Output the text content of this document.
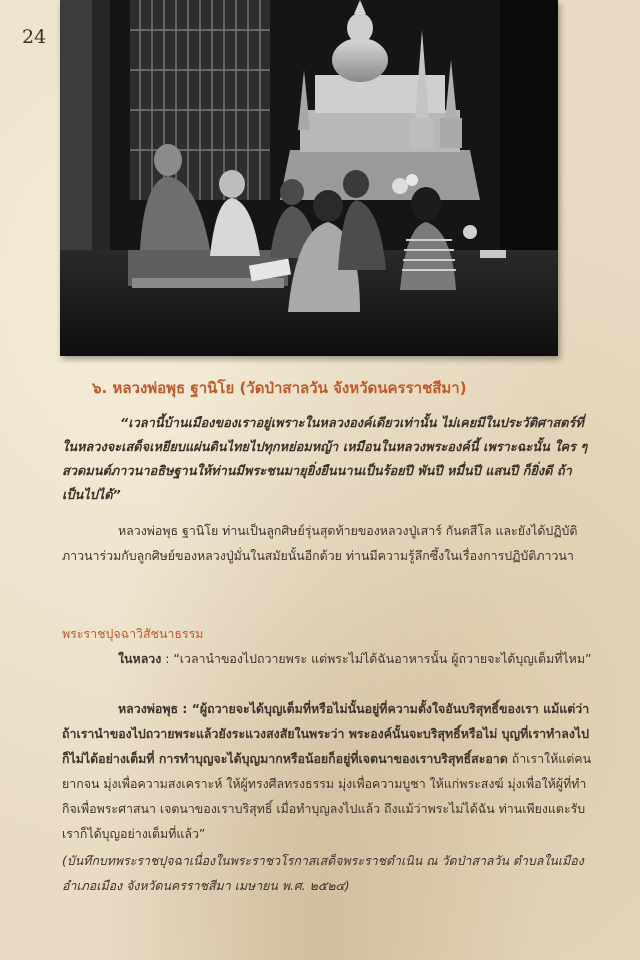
24
๖. หลวงพ่อพุธ ฐานิโย (วัดป่าสาลวัน จังหวัดนครราชสีมา)
“เวลานี้บ้านเมืองของเราอยู่เพราะในหลวงองค์เดียวเท่านั้น ไม่เคยมีในประวัติศาสตร์ที่ในหลวงจะเสด็จเหยียบแผ่นดินไทยไปทุกหย่อมหญ้า เหมือนในหลวงพระองค์นี้ เพราะฉะนั้น ใคร ๆ สวดมนต์ภาวนาอธิษฐานให้ท่านมีพระชนมายุยิ่งยืนนานเป็นร้อยปี พันปี หมื่นปี แสนปี ก็ยิ่งดี ถ้าเป็นไปได้”
หลวงพ่อพุธ ฐานิโย ท่านเป็นลูกศิษย์รุ่นสุดท้ายของหลวงปู่เสาร์ กันตสีโล และยังได้ปฏิบัติภาวนาร่วมกับลูกศิษย์ของหลวงปู่มั่นในสมัยนั้นอีกด้วย ท่านมีความรู้ลึกซึ้งในเรื่องการปฏิบัติภาวนา
พระราชปุจฉาวิสัชนาธรรม
ในหลวง : “เวลานำของไปถวายพระ แต่พระไม่ได้ฉันอาหารนั้น ผู้ถวายจะได้บุญเต็มที่ไหม”
หลวงพ่อพุธ : “ผู้ถวายจะได้บุญเต็มที่หรือไม่นั้นอยู่ที่ความตั้งใจอันบริสุทธิ์ของเรา แม้แต่ว่าถ้าเรานำของไปถวายพระแล้วยังระแวงสงสัยในพระว่า พระองค์นั้นจะบริสุทธิ์หรือไม่ บุญที่เราทำลงไปก็ไม่ได้อย่างเต็มที่ การทำบุญจะได้บุญมากหรือน้อยก็อยู่ที่เจตนาของเราบริสุทธิ์สะอาด ถ้าเราให้แต่คนยากจน มุ่งเพื่อความสงเคราะห์ ให้ผู้ทรงศีลทรงธรรม มุ่งเพื่อความบูชา ให้แก่พระสงฆ์ มุ่งเพื่อให้ผู้ที่ทำกิจเพื่อพระศาสนา เจตนาของเราบริสุทธิ์ เมื่อทำบุญลงไปแล้ว ถึงแม้ว่าพระไม่ได้ฉัน ท่านเพียงแตะรับ เราก็ได้บุญอย่างเต็มที่แล้ว”
(บันทึกบทพระราชปุจฉาเนื่องในพระราชวโรกาสเสด็จพระราชดำเนิน ณ วัดป่าสาลวัน ตำบลในเมือง อำเภอเมือง จังหวัดนครราชสีมา เมษายน พ.ศ. ๒๕๒๔)
